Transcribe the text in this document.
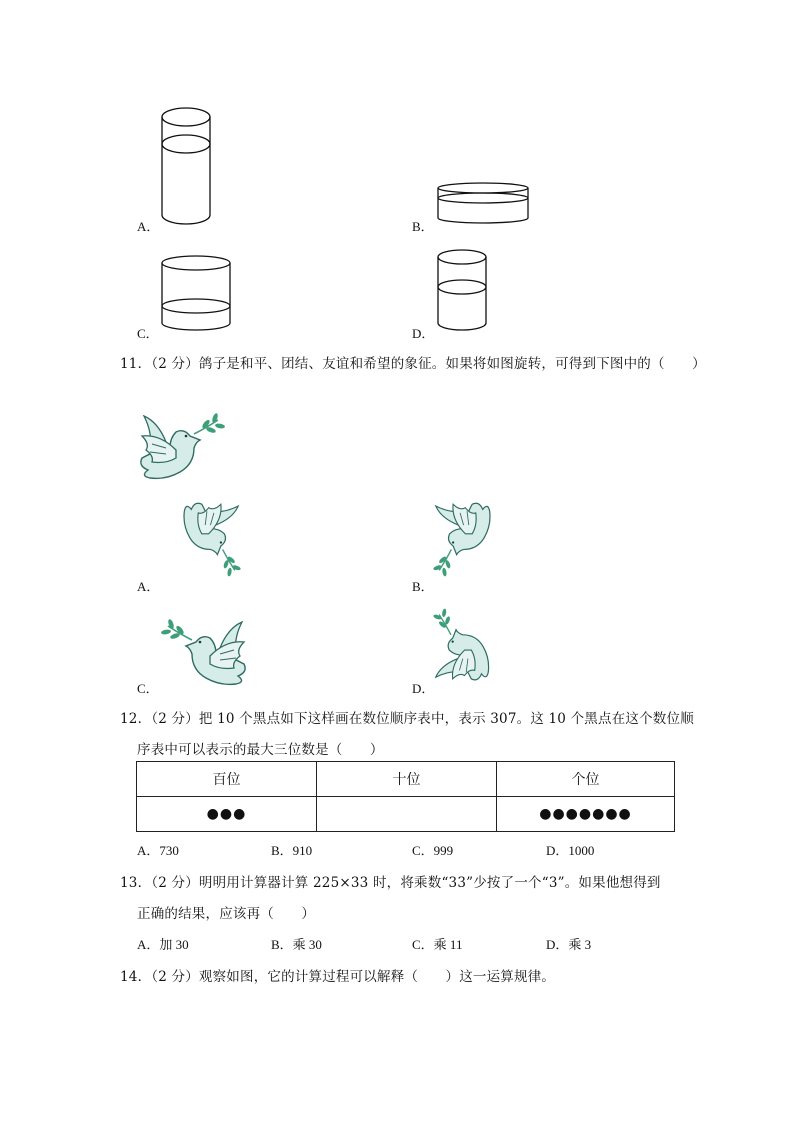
A．	B．
C．	D．
11．（2 分）鸽子是和平、团结、友谊和希望的象征。如果将如图旋转，可得到下图中的（　　）
A．	B．
C．	D．
12．（2 分）把 10 个黑点如下这样画在数位顺序表中，表示 307。这 10 个黑点在这个数位顺
序表中可以表示的最大三位数是（　　）
百位	十位	个位
●●●		●●●●●●●
A．730	B．910	C．999	D．1000
13．（2 分）明明用计算器计算 225×33 时，将乘数“33”少按了一个“3”。如果他想得到
正确的结果，应该再（　　）
A．加 30	B．乘 30	C．乘 11	D．乘 3
14．（2 分）观察如图，它的计算过程可以解释（　　）这一运算规律。
